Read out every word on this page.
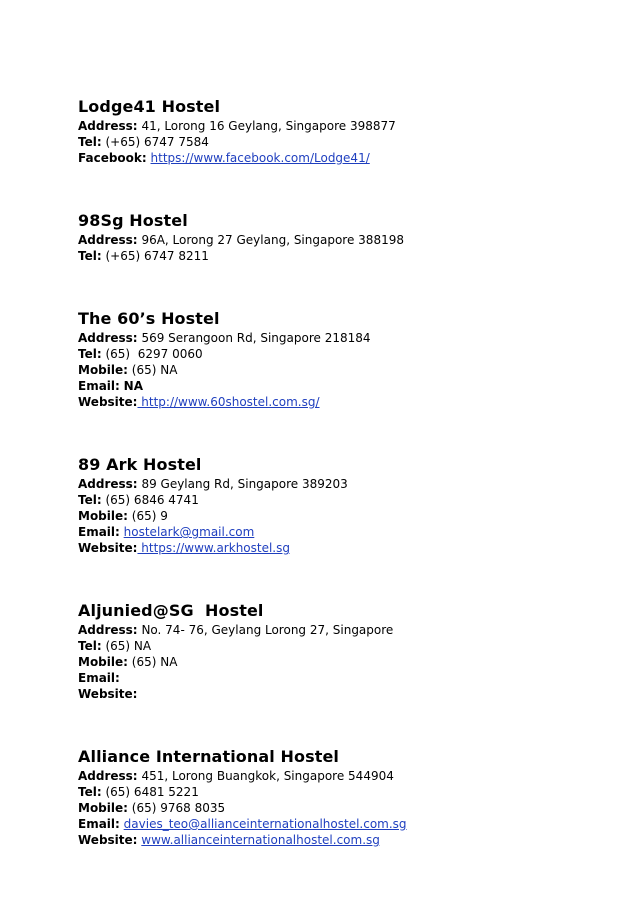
Lodge41 Hostel
Address: 41, Lorong 16 Geylang, Singapore 398877
Tel: (+65) 6747 7584
Facebook: https://www.facebook.com/Lodge41/
98Sg Hostel
Address: 96A, Lorong 27 Geylang, Singapore 388198
Tel: (+65) 6747 8211
The 60’s Hostel
Address: 569 Serangoon Rd, Singapore 218184
Tel: (65)  6297 0060
Mobile: (65) NA
Email: NA
Website: http://www.60shostel.com.sg/
89 Ark Hostel
Address: 89 Geylang Rd, Singapore 389203
Tel: (65) 6846 4741
Mobile: (65) 9
Email: hostelark@gmail.com
Website: https://www.arkhostel.sg
Aljunied@SG  Hostel
Address: No. 74- 76, Geylang Lorong 27, Singapore
Tel: (65) NA
Mobile: (65) NA
Email:
Website:
Alliance International Hostel
Address: 451, Lorong Buangkok, Singapore 544904
Tel: (65) 6481 5221
Mobile: (65) 9768 8035
Email: davies_teo@allianceinternationalhostel.com.sg
Website: www.allianceinternationalhostel.com.sg
